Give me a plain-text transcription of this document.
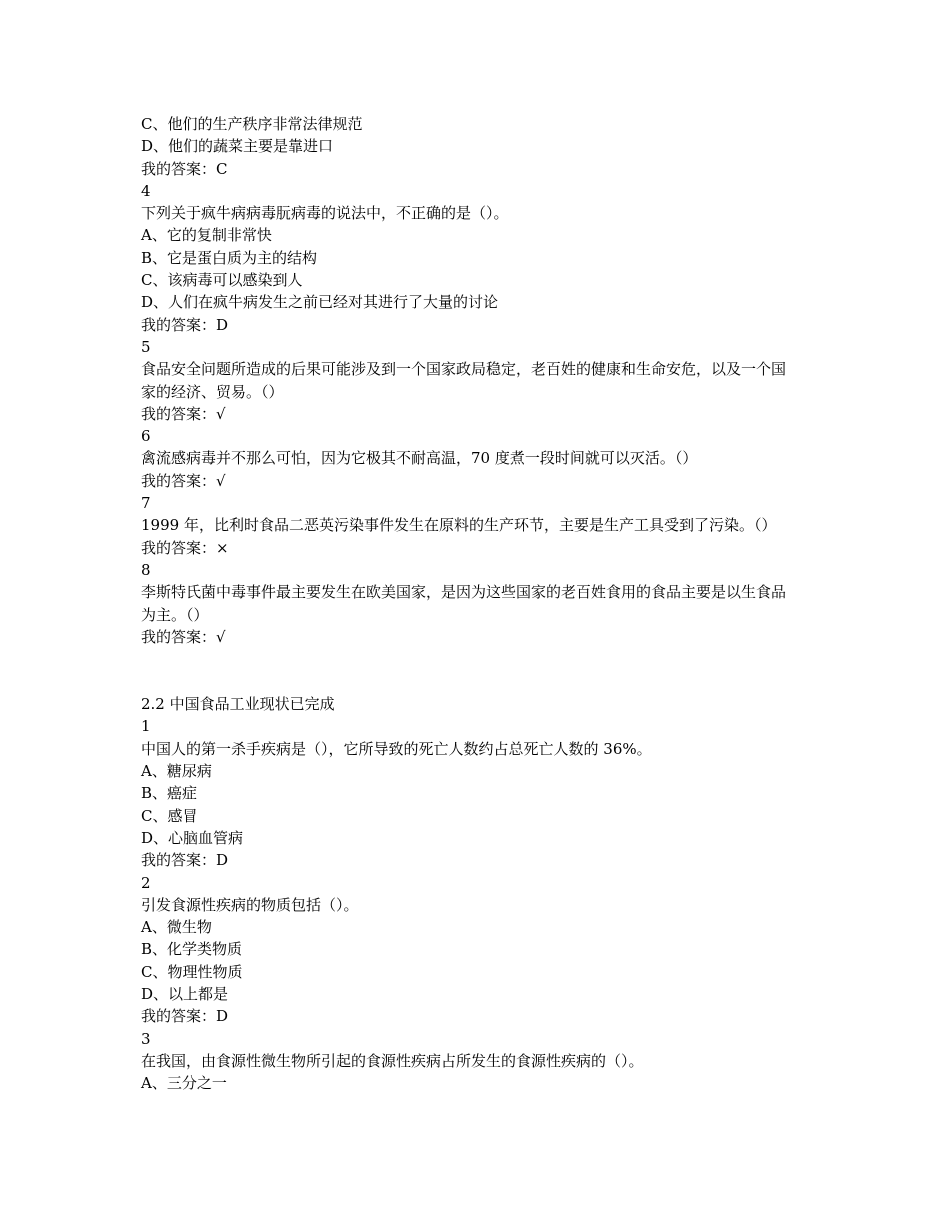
C、他们的生产秩序非常法律规范
D、他们的蔬菜主要是靠进口
我的答案：C
4
下列关于疯牛病病毒朊病毒的说法中，不正确的是（）。
A、它的复制非常快
B、它是蛋白质为主的结构
C、该病毒可以感染到人
D、人们在疯牛病发生之前已经对其进行了大量的讨论
我的答案：D
5
食品安全问题所造成的后果可能涉及到一个国家政局稳定，老百姓的健康和生命安危，以及一个国
家的经济、贸易。（）
我的答案：√
6
禽流感病毒并不那么可怕，因为它极其不耐高温，70 度煮一段时间就可以灭活。（）
我的答案：√
7
1999 年，比利时食品二恶英污染事件发生在原料的生产环节，主要是生产工具受到了污染。（）
我的答案：×
8
李斯特氏菌中毒事件最主要发生在欧美国家，是因为这些国家的老百姓食用的食品主要是以生食品
为主。（）
我的答案：√
2.2 中国食品工业现状已完成
1
中国人的第一杀手疾病是（），它所导致的死亡人数约占总死亡人数的 36%。
A、糖尿病
B、癌症
C、感冒
D、心脑血管病
我的答案：D
2
引发食源性疾病的物质包括（）。
A、微生物
B、化学类物质
C、物理性物质
D、以上都是
我的答案：D
3
在我国，由食源性微生物所引起的食源性疾病占所发生的食源性疾病的（）。
A、三分之一
